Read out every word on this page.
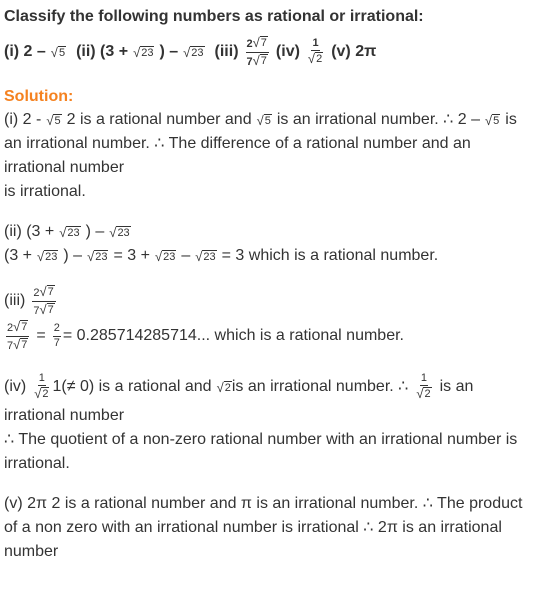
Classify the following numbers as rational or irrational:

(i) 2 – √ 5 (ii) (3 + √ 23 ) – √ 23 $(iii) \frac{2 √ 7}{7 √ 7} (iv) \frac{1}{√ 2} (v)$ 2π
Solution:
(i) 2 - √ 5 2 is a rational number and √ 5 is an irrational number. ∴ 2 – √ 5 is

an irrational number. ∴ The difference of a rational number and an

irrational number

is irrational.

(ii) (3 + √ 23 ) – √ 23
(3 + √ 23 ) – √ 23 = 3 + √ 23 – √ 23 = 3 which is a rational number.
$(iii) \frac{2 √ 7}{7 √ 7}$
$\frac{2 √ 7}{7 √ 7} = \frac{2}{7} = 0.285714285714$... which is a rational number.
$(iv) \frac{1}{√ 2} 1(\ne 0)$ is a rational and √ 2 is an irrational number. ∴ $\frac{1}{√ 2}$ is an

irrational number

∴ The quotient of a non-zero rational number with an irrational number is

irrational.

(v) 2π 2 is a rational number and π is an irrational number. ∴ The product

of a non zero with an irrational number is irrational ∴ 2π is an irrational

number
